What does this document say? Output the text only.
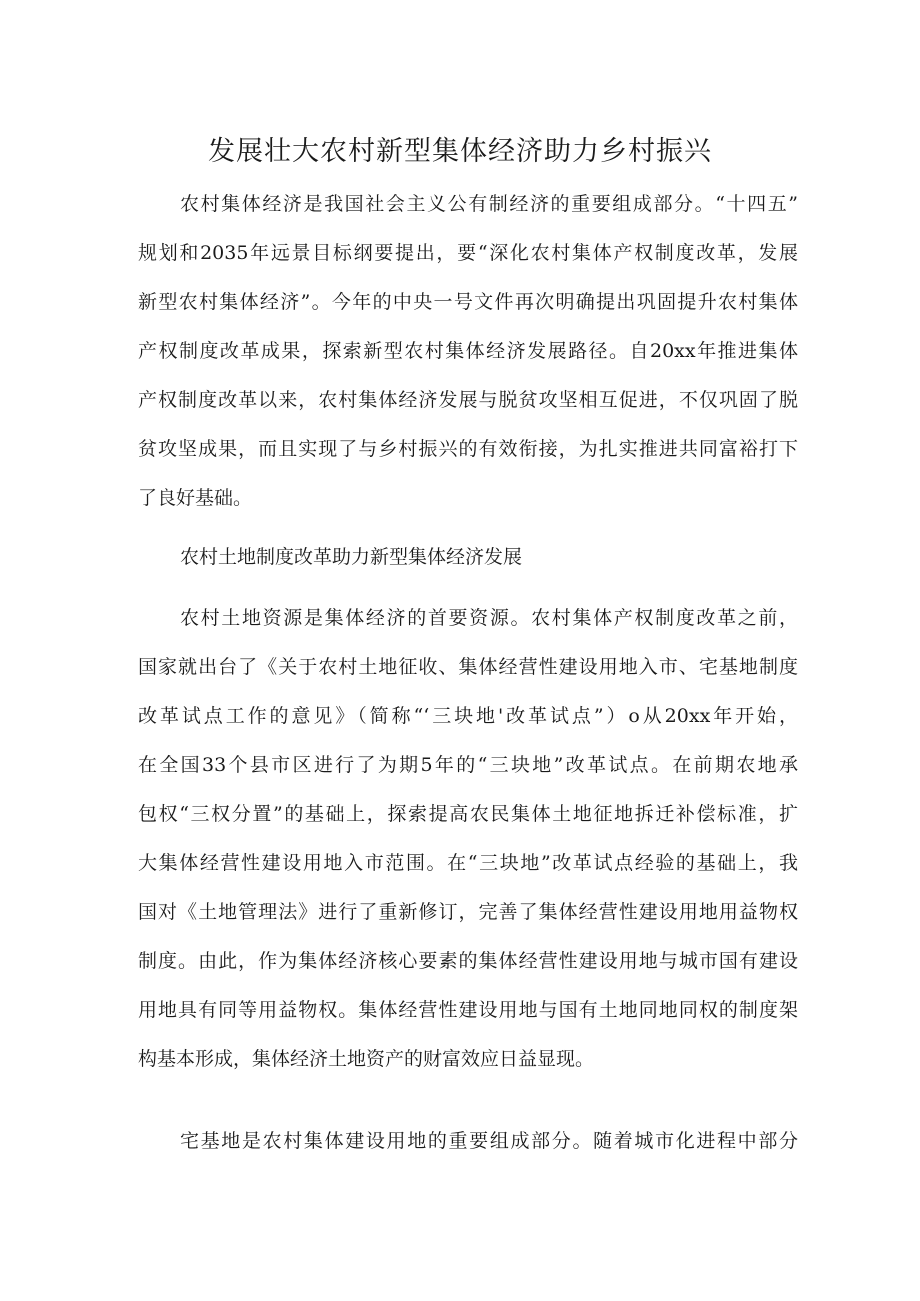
发展壮大农村新型集体经济助力乡村振兴
农村集体经济是我国社会主义公有制经济的重要组成部分。“十四五”
规划和2035年远景目标纲要提出，要“深化农村集体产权制度改革，发展
新型农村集体经济”。今年的中央一号文件再次明确提出巩固提升农村集体
产权制度改革成果，探索新型农村集体经济发展路径。自20xx年推进集体
产权制度改革以来，农村集体经济发展与脱贫攻坚相互促进，不仅巩固了脱
贫攻坚成果，而且实现了与乡村振兴的有效衔接，为扎实推进共同富裕打下
了良好基础。
农村土地制度改革助力新型集体经济发展
农村土地资源是集体经济的首要资源。农村集体产权制度改革之前，
国家就出台了《关于农村土地征收、集体经营性建设用地入市、宅基地制度
改革试点工作的意见》（简称“‘三块地'改革试点”）o从20xx年开始，
在全国33个县市区进行了为期5年的“三块地”改革试点。在前期农地承
包权“三权分置”的基础上，探索提高农民集体土地征地拆迁补偿标准，扩
大集体经营性建设用地入市范围。在“三块地”改革试点经验的基础上，我
国对《土地管理法》进行了重新修订，完善了集体经营性建设用地用益物权
制度。由此，作为集体经济核心要素的集体经营性建设用地与城市国有建设
用地具有同等用益物权。集体经营性建设用地与国有土地同地同权的制度架
构基本形成，集体经济土地资产的财富效应日益显现。
宅基地是农村集体建设用地的重要组成部分。随着城市化进程中部分
